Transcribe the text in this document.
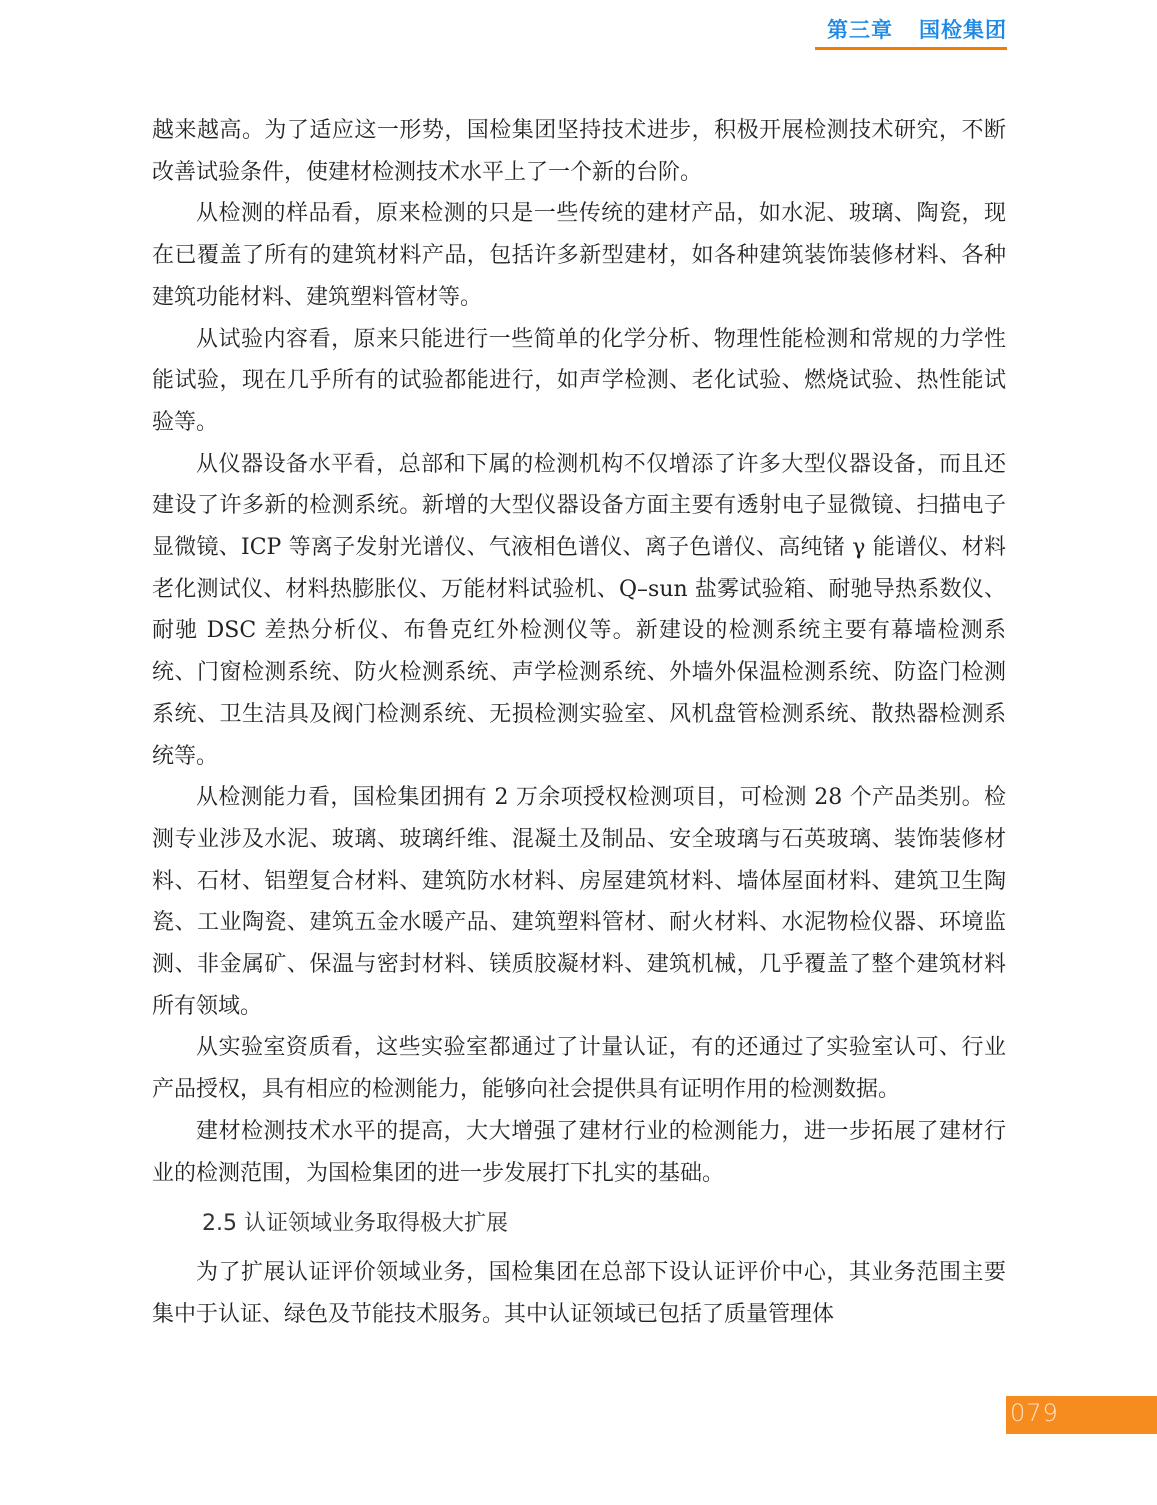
第三章 国检集团

越来越高。为了适应这一形势，国检集团坚持技术进步，积极开展检测技术研究，不断改善试验条件，使建材检测技术水平上了一个新的台阶。

从检测的样品看，原来检测的只是一些传统的建材产品，如水泥、玻璃、陶瓷，现在已覆盖了所有的建筑材料产品，包括许多新型建材，如各种建筑装饰装修材料、各种建筑功能材料、建筑塑料管材等。

从试验内容看，原来只能进行一些简单的化学分析、物理性能检测和常规的力学性能试验，现在几乎所有的试验都能进行，如声学检测、老化试验、燃烧试验、热性能试验等。

从仪器设备水平看，总部和下属的检测机构不仅增添了许多大型仪器设备，而且还建设了许多新的检测系统。新增的大型仪器设备方面主要有透射电子显微镜、扫描电子显微镜、ICP 等离子发射光谱仪、气液相色谱仪、离子色谱仪、高纯锗 γ 能谱仪、材料老化测试仪、材料热膨胀仪、万能材料试验机、Q–sun 盐雾试验箱、耐驰导热系数仪、耐驰 DSC 差热分析仪、布鲁克红外检测仪等。新建设的检测系统主要有幕墙检测系统、门窗检测系统、防火检测系统、声学检测系统、外墙外保温检测系统、防盗门检测系统、卫生洁具及阀门检测系统、无损检测实验室、风机盘管检测系统、散热器检测系统等。

从检测能力看，国检集团拥有 2 万余项授权检测项目，可检测 28 个产品类别。检测专业涉及水泥、玻璃、玻璃纤维、混凝土及制品、安全玻璃与石英玻璃、装饰装修材料、石材、铝塑复合材料、建筑防水材料、房屋建筑材料、墙体屋面材料、建筑卫生陶瓷、工业陶瓷、建筑五金水暖产品、建筑塑料管材、耐火材料、水泥物检仪器、环境监测、非金属矿、保温与密封材料、镁质胶凝材料、建筑机械，几乎覆盖了整个建筑材料所有领域。

从实验室资质看，这些实验室都通过了计量认证，有的还通过了实验室认可、行业产品授权，具有相应的检测能力，能够向社会提供具有证明作用的检测数据。

建材检测技术水平的提高，大大增强了建材行业的检测能力，进一步拓展了建材行业的检测范围，为国检集团的进一步发展打下扎实的基础。

2.5 认证领域业务取得极大扩展

为了扩展认证评价领域业务，国检集团在总部下设认证评价中心，其业务范围主要集中于认证、绿色及节能技术服务。其中认证领域已包括了质量管理体

079
